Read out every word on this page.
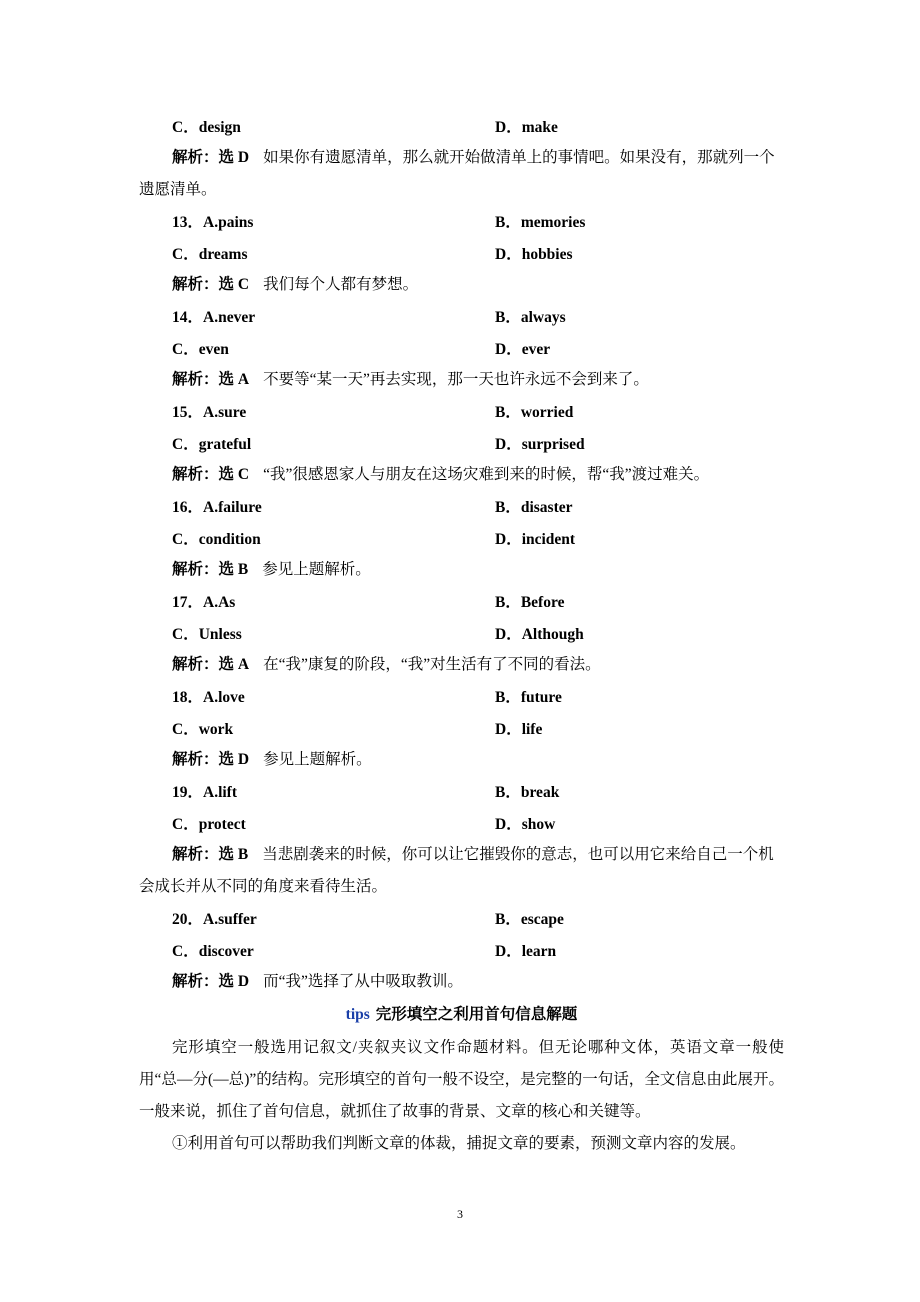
C．design	D．make

解析：选 D 如果你有遗愿清单，那么就开始做清单上的事情吧。如果没有，那就列一个遗愿清单。

13．A.pains	B．memories
C．dreams	D．hobbies

解析：选 C 我们每个人都有梦想。

14．A.never	B．always
C．even	D．ever

解析：选 A 不要等“某一天”再去实现，那一天也许永远不会到来了。

15．A.sure	B．worried
C．grateful	D．surprised

解析：选 C “我”很感恩家人与朋友在这场灾难到来的时候，帮“我”渡过难关。

16．A.failure	B．disaster
C．condition	D．incident

解析：选 B 参见上题解析。

17．A.As	B．Before
C．Unless	D．Although

解析：选 A 在“我”康复的阶段，“我”对生活有了不同的看法。

18．A.love	B．future
C．work	D．life

解析：选 D 参见上题解析。

19．A.lift	B．break
C．protect	D．show

解析：选 B 当悲剧袭来的时候，你可以让它摧毁你的意志，也可以用它来给自己一个机会成长并从不同的角度来看待生活。

20．A.suffer	B．escape
C．discover	D．learn

解析：选 D 而“我”选择了从中吸取教训。

tips 完形填空之利用首句信息解题

完形填空一般选用记叙文/夹叙夹议文作命题材料。但无论哪种文体，英语文章一般使用“总—分(—总)”的结构。完形填空的首句一般不设空，是完整的一句话，全文信息由此展开。一般来说，抓住了首句信息，就抓住了故事的背景、文章的核心和关键等。

①利用首句可以帮助我们判断文章的体裁，捕捉文章的要素，预测文章内容的发展。

3
